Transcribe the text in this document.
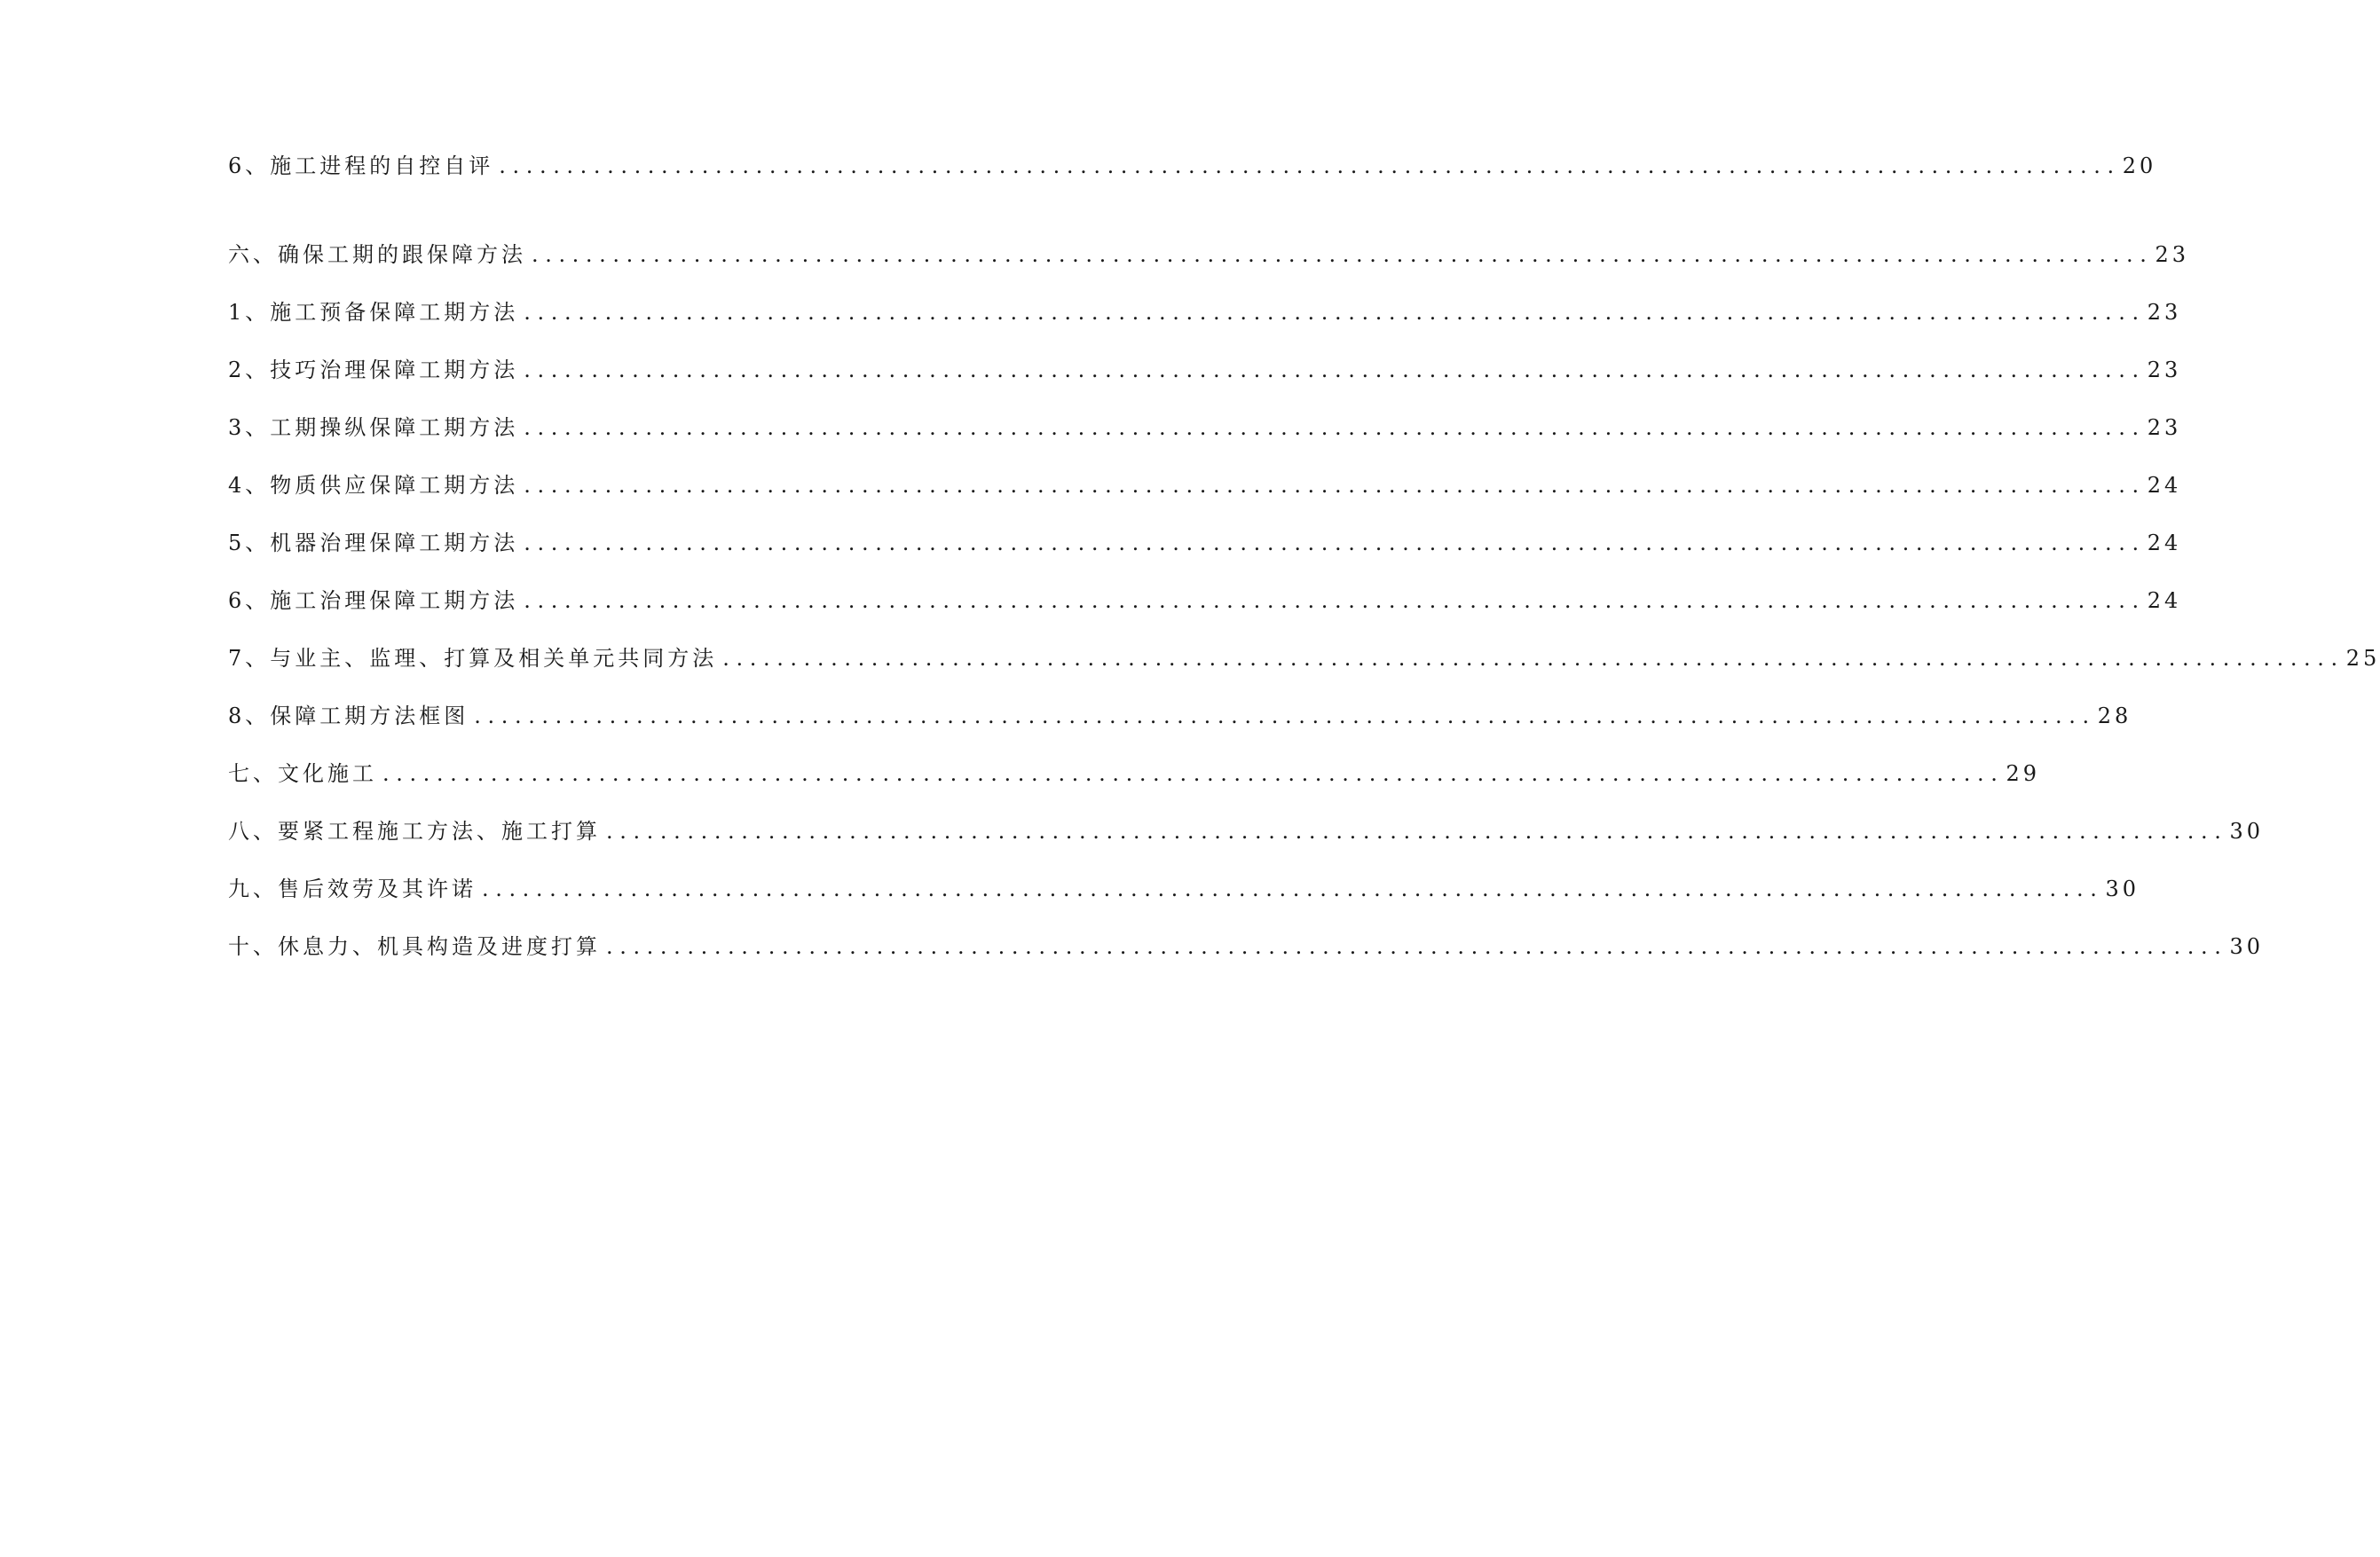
6、施工进程的自控自评 ........................................................................................................................ 20
六、确保工期的跟保障方法 ........................................................................................................................ 23
1、施工预备保障工期方法 ........................................................................................................................ 23
2、技巧治理保障工期方法 ........................................................................................................................ 23
3、工期操纵保障工期方法 ........................................................................................................................ 23
4、物质供应保障工期方法 ........................................................................................................................ 24
5、机器治理保障工期方法 ........................................................................................................................ 24
6、施工治理保障工期方法 ........................................................................................................................ 24
7、与业主、监理、打算及相关单元共同方法 ........................................................................................................................ 25
8、保障工期方法框图 ........................................................................................................................ 28
七、文化施工 ........................................................................................................................ 29
八、要紧工程施工方法、施工打算 ........................................................................................................................ 30
九、售后效劳及其许诺 ........................................................................................................................ 30
十、休息力、机具构造及进度打算 ........................................................................................................................ 30
